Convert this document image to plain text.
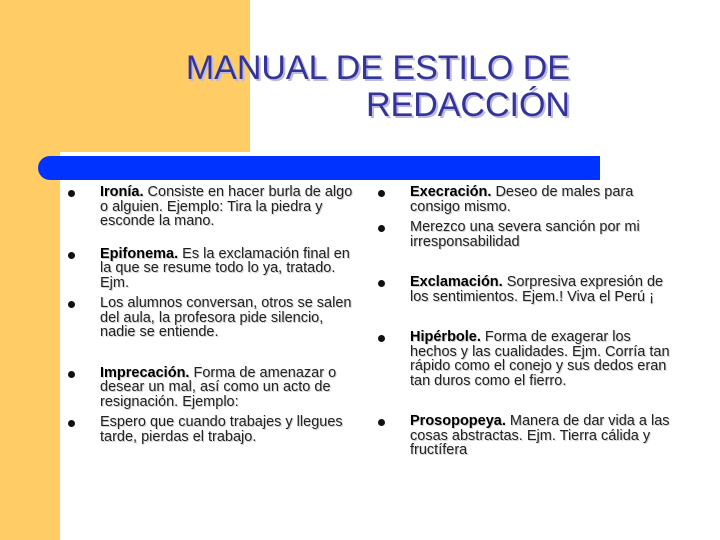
MANUAL DE ESTILO DE
REDACCIÓN
Ironía. Consiste en hacer burla de algo o alguien. Ejemplo: Tira la piedra y esconde la mano.
Epifonema. Es la exclamación final en la que se resume todo lo ya, tratado. Ejm.
Los alumnos conversan, otros se salen del aula, la profesora pide silencio, nadie se entiende.
Imprecación. Forma de amenazar o desear un mal, así como un acto de resignación. Ejemplo:
Espero que cuando trabajes y llegues tarde, pierdas el trabajo.
Execración. Deseo de males para consigo mismo.
Merezco una severa sanción por mi irresponsabilidad
Exclamación. Sorpresiva expresión de los sentimientos. Ejem.! Viva el Perú ¡
Hipérbole. Forma de exagerar los hechos y las cualidades. Ejm. Corría tan rápido como el conejo y sus dedos eran tan duros como el fierro.
Prosopopeya. Manera de dar vida a las cosas abstractas. Ejm. Tierra cálida y fructífera
